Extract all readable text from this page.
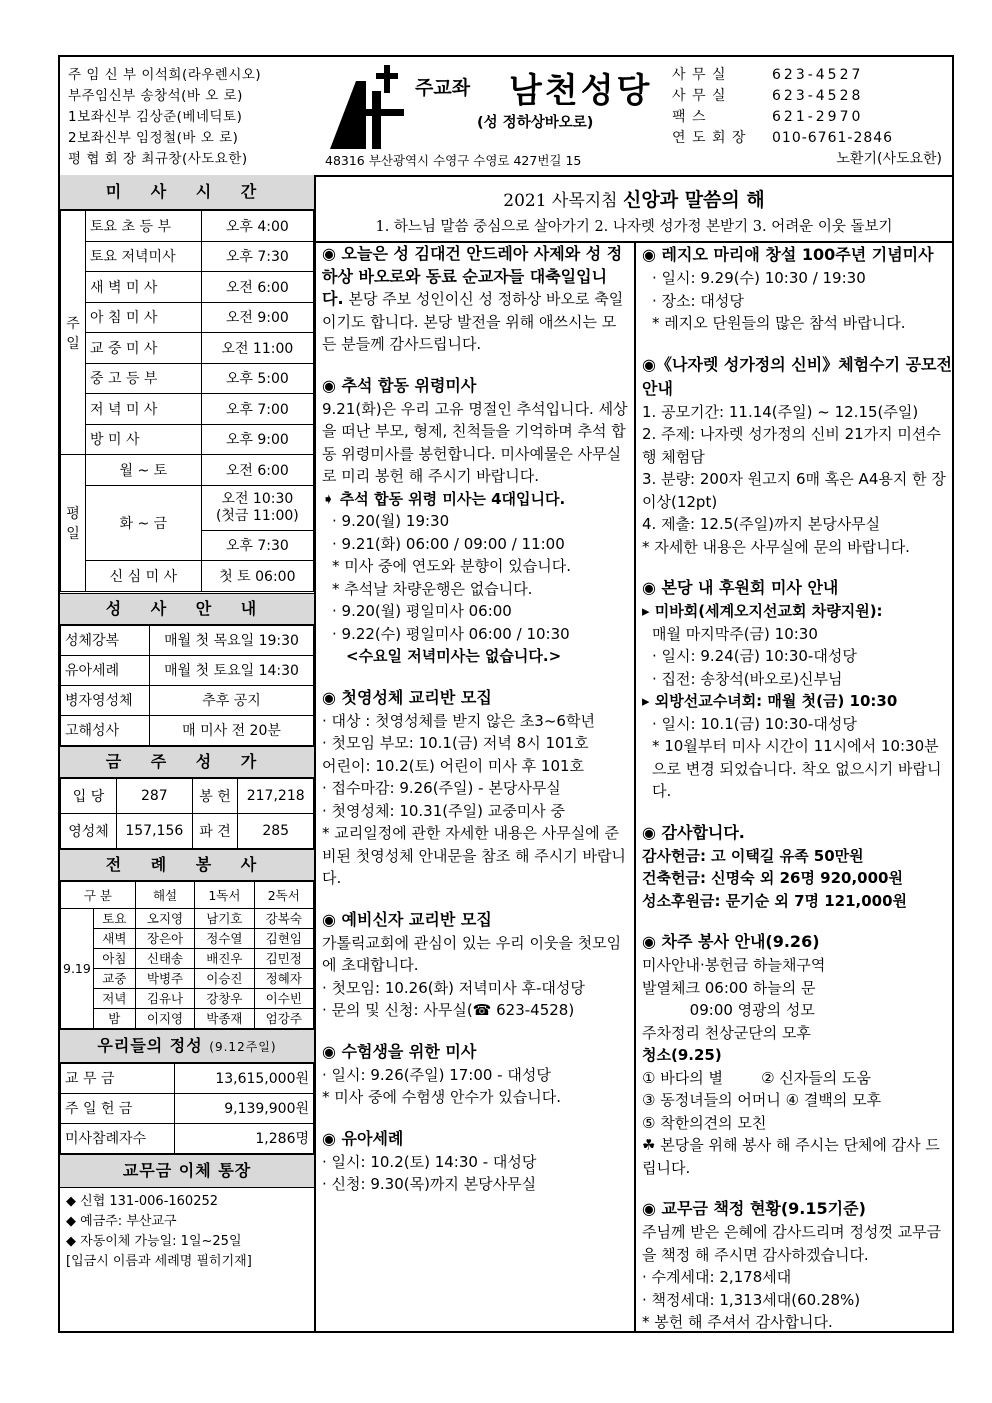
주 임 신 부 이석희(라우렌시오)
부주임신부 송창석(바 오 로)
1보좌신부 김상준(베네딕토)
2보좌신부 임정철(바 오 로)
평 협 회 장 최규창(사도요한)
주교좌 남천성당
(성 정하상바오로)
48316 부산광역시 수영구 수영로 427번길 15
사 무 실	623-4527
사 무 실	623-4528
팩 스	621-2970
연 도 회 장	010-6761-2846
노환기(사도요한)
미 사 시 간
주일	토요 초 등 부	오후 4:00
	토요 저녁미사	오후 7:30
	새 벽 미 사	오전 6:00
	아 침 미 사	오전 9:00
	교 중 미 사	오전 11:00
	중 고 등 부	오후 5:00
	저 녁 미 사	오후 7:00
	방 미 사	오후 9:00
평일	월 ~ 토	오전 6:00
	화 ~ 금	오전 10:30
(첫금 11:00)

		오후 7:30
	신 심 미 사	첫 토 06:00
성 사 안 내
성체강복	매월 첫 목요일 19:30
유아세례	매월 첫 토요일 14:30
병자영성체	추후 공지
고해성사	매 미사 전 20분
금 주 성 가
입 당	287	봉 헌	217,218
영성체	157,156	파 견	285
전 례 봉 사
구 분		해설	1독서	2독서
9.19	토요	오지영	남기호	강복숙
	새벽	장은아	정수열	김현임
	아침	신태송	배진우	김민정
	교중	박병주	이승진	정혜자
	저녁	김유나	강창우	이수빈
	밤	이지영	박종재	엄강주
우리들의 정성 (9.12주일)
교 무 금	13,615,000원
주 일 헌 금	9,139,900원
미사참례자수	1,286명
교무금 이체 통장
◆ 신협 131-006-160252
◆ 예금주: 부산교구
◆ 자동이체 가능일: 1일~25일
[입금시 이름과 세례명 필히기재]
2021 사목지침 신앙과 말씀의 해
1. 하느님 말씀 중심으로 살아가기 2. 나자렛 성가정 본받기 3. 어려운 이웃 돌보기

◉ 오늘은 성 김대건 안드레아 사제와 성 정하상 바오로와 동료 순교자들 대축일입니다. 본당 주보 성인이신 성 정하상 바오로 축일이기도 합니다. 본당 발전을 위해 애쓰시는 모든 분들께 감사드립니다.

◉ 추석 합동 위령미사

9.21(화)은 우리 고유 명절인 추석입니다. 세상을 떠난 부모, 형제, 친척들을 기억하며 추석 합동 위령미사를 봉헌합니다. 미사예물은 사무실로 미리 봉헌 해 주시기 바랍니다.

➧ 추석 합동 위령 미사는 4대입니다.

· 9.20(월) 19:30

· 9.21(화) 06:00 / 09:00 / 11:00

* 미사 중에 연도와 분향이 있습니다.

* 추석날 차량운행은 없습니다.

· 9.20(월) 평일미사 06:00

· 9.22(수) 평일미사 06:00 / 10:30

<수요일 저녁미사는 없습니다.>

◉ 첫영성체 교리반 모집

· 대상 : 첫영성체를 받지 않은 초3~6학년

· 첫모임 부모: 10.1(금) 저녁 8시 101호

어린이: 10.2(토) 어린이 미사 후 101호

· 접수마감: 9.26(주일) - 본당사무실

· 첫영성체: 10.31(주일) 교중미사 중

* 교리일정에 관한 자세한 내용은 사무실에 준비된 첫영성체 안내문을 참조 해 주시기 바랍니다.

◉ 예비신자 교리반 모집

가톨릭교회에 관심이 있는 우리 이웃을 첫모임에 초대합니다.

· 첫모임: 10.26(화) 저녁미사 후-대성당

· 문의 및 신청: 사무실(☎ 623-4528)

◉ 수험생을 위한 미사

· 일시: 9.26(주일) 17:00 - 대성당

* 미사 중에 수험생 안수가 있습니다.

◉ 유아세례

· 일시: 10.2(토) 14:30 - 대성당

· 신청: 9.30(목)까지 본당사무실

◉ 레지오 마리애 창설 100주년 기념미사

· 일시: 9.29(수) 10:30 / 19:30

· 장소: 대성당

* 레지오 단원들의 많은 참석 바랍니다.

◉《나자렛 성가정의 신비》체험수기 공모전 안내

1. 공모기간: 11.14(주일) ~ 12.15(주일)

2. 주제: 나자렛 성가정의 신비 21가지 미션수행 체험담

3. 분량: 200자 원고지 6매 혹은 A4용지 한 장 이상(12pt)

4. 제출: 12.5(주일)까지 본당사무실

* 자세한 내용은 사무실에 문의 바랍니다.

◉ 본당 내 후원회 미사 안내

▸ 미바회(세계오지선교회 차량지원):

매월 마지막주(금) 10:30

· 일시: 9.24(금) 10:30-대성당

· 집전: 송창석(바오로)신부님

▸ 외방선교수녀회: 매월 첫(금) 10:30

· 일시: 10.1(금) 10:30-대성당

* 10월부터 미사 시간이 11시에서 10:30분으로 변경 되었습니다. 착오 없으시기 바랍니다.

◉ 감사합니다.

감사헌금: 고 이택길 유족 50만원

건축헌금: 신명숙 외 26명 920,000원

성소후원금: 문기순 외 7명 121,000원

◉ 차주 봉사 안내(9.26)

미사안내·봉헌금 하늘채구역

발열체크 06:00 하늘의 문

09:00 영광의 성모

주차정리 천상군단의 모후

청소(9.25)

① 바다의 별        ② 신자들의 도움

③ 동정녀들의 어머니 ④ 결백의 모후

⑤ 착한의견의 모친

☘ 본당을 위해 봉사 해 주시는 단체에 감사 드립니다.

◉ 교무금 책정 현황(9.15기준)

주님께 받은 은혜에 감사드리며 정성껏 교무금을 책정 해 주시면 감사하겠습니다.

· 수계세대: 2,178세대

· 책정세대: 1,313세대(60.28%)

* 봉헌 해 주셔서 감사합니다.
